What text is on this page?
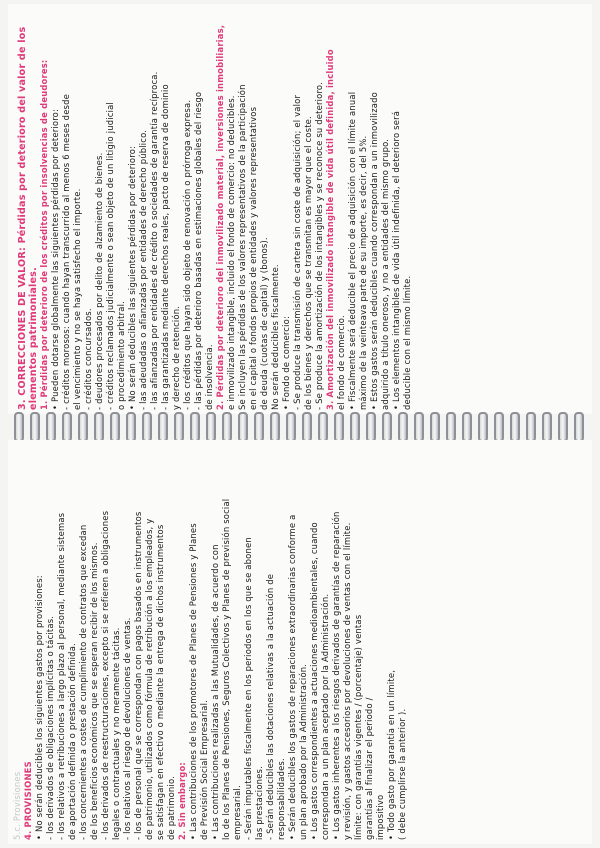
3. CORRECCIONES DE VALOR: Pérdidas por deterioro del valor de los elementos patrimoniales. 1. Pérdidas por deterioro de los créditos por insolvencias de deudores: • Pueden dotarse globalmente las siguientes pérdidas por deterioro: - créditos morosos: cuando hayan transcurrido al menos 6 meses desde el vencimiento y no se haya satisfecho el importe. - créditos concursados. - deudores procesados por delito de alzamiento de bienes. - créditos reclamados judicialmente o sean objeto de un litigio judicial o procedimiento arbitral. • No serán deducibles las siguientes pérdidas por deterioro: - las adeudadas o afianzadas por entidades de derecho público. - las afianzadas por entidades de crédito o sociedades de garantía recíproca. - las garantizadas mediante derechos reales, pacto de reserva de dominio y derecho de retención. - los créditos que hayan sido objeto de renovación o prórroga expresa. - las pérdidas por deterioro basadas en estimaciones globales del riesgo de insolvencia. 2. Pérdidas por deterioro del inmovilizado material, inversiones inmobiliarias, e inmovilizado intangible, incluido el fondo de comercio: no deducibles. Se incluyen las pérdidas de los valores representativos de la participación en el capital o fondos propios de entidades y valores representativos de deuda (cuotas de capital) y (bonos). No serán deducibles fiscalmente. • Fondo de comercio: - Se produce la transmisión de cartera sin coste de adquisición; el valor de los bienes y derechos que se transmitan es mayor que el coste. - Se produce la amortización de los intangibles y se reconoce su deterioro. 3. Amortización del inmovilizado intangible de vida útil definida, incluido el fondo de comercio. • Fiscalmente será deducible el precio de adquisición con el límite anual máximo de la veinteava parte de su importe, es decir, del 5%. • Estos gastos serán deducibles cuando correspondan a un inmovilizado adquirido a título oneroso, y no a entidades del mismo grupo. • Los elementos intangibles de vida útil indefinida, el deterioro será deducible con el mismo límite.
5.c. Provisiones 4. PROVISIONES • No serán deducibles los siguientes gastos por provisiones: - los derivados de obligaciones implícitas o tácitas. - los relativos a retribuciones a largo plazo al personal, mediante sistemas de aportación definida o prestación definida. - los concernientes a costes de cumplimiento de contratos que excedan de los beneficios económicos que se esperan recibir de los mismos. - los derivados de reestructuraciones, excepto si se refieren a obligaciones legales o contractuales y no meramente tácitas. - los relativos al riesgo de devoluciones de ventas. - los de personal que se correspondan con pagos basados en instrumentos de patrimonio, utilizados como fórmula de retribución a los empleados, y se satisfagan en efectivo o mediante la entrega de dichos instrumentos de patrimonio. 2. Sin embargo: • Las contribuciones de los promotores de Planes de Pensiones y Planes de Previsión Social Empresarial. • Las contribuciones realizadas a las Mutualidades, de acuerdo con lo de los Planes de Pensiones, Seguros Colectivos y Planes de previsión social empresarial. - Serán imputables fiscalmente en los periodos en los que se abonen las prestaciones. - Serán deducibles las dotaciones relativas a la actuación de responsabilidades. • Serán deducibles los gastos de reparaciones extraordinarias conforme a un plan aprobado por la Administración. • Los gastos correspondientes a actuaciones medioambientales, cuando correspondan a un plan aceptado por la Administración. • Los gastos inherentes a los riesgos derivados de garantías de reparación y revisión, y gastos accesorios por devoluciones de ventas con el límite. límite: con garantías vigentes / (porcentaje) ventas garantías al finalizar el periodo / impositivo • Todo gasto por garantía en un límite, ( debe cumplirse la anterior ).
